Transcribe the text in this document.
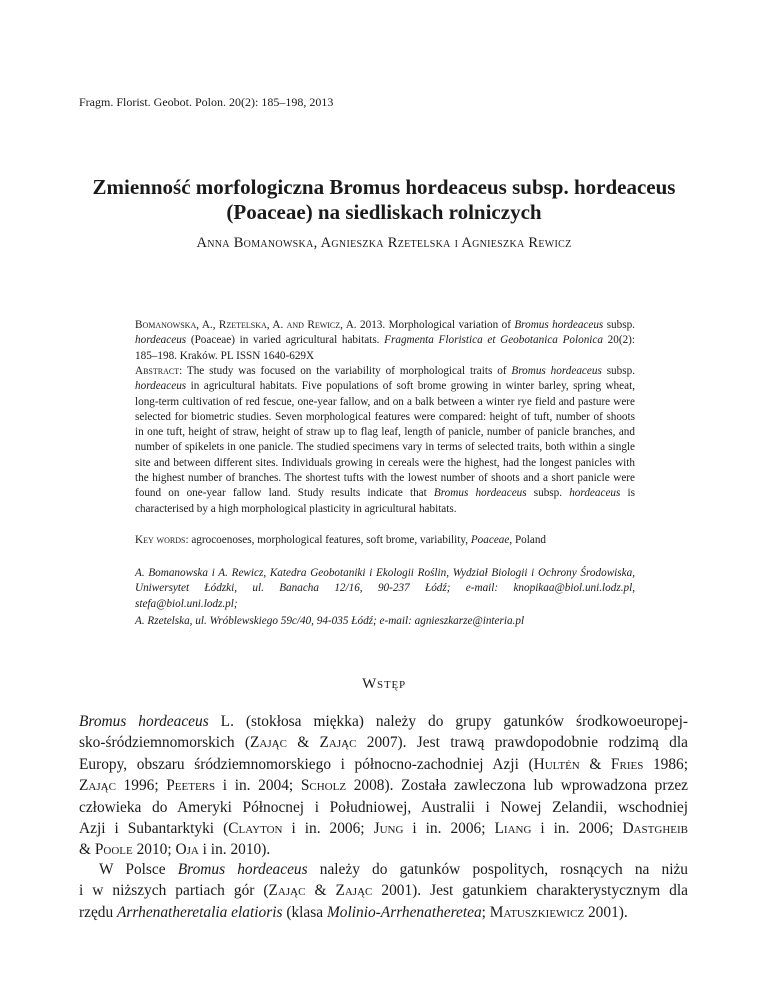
Fragm. Florist. Geobot. Polon. 20(2): 185–198, 2013
Zmienność morfologiczna Bromus hordeaceus subsp. hordeaceus
(Poaceae) na siedliskach rolniczych
Anna Bomanowska, Agnieszka Rzetelska i Agnieszka Rewicz
Bomanowska, A., Rzetelska, A. and Rewicz, A. 2013. Morphological variation of Bromus hordeaceus subsp. hordeaceus (Poaceae) in varied agricultural habitats. Fragmenta Floristica et Geobotanica Polonica 20(2): 185–198. Kraków. PL ISSN 1640-629X
Abstract: The study was focused on the variability of morphological traits of Bromus hordeaceus subsp. hordeaceus in agricultural habitats. Five populations of soft brome growing in winter barley, spring wheat, long-term cultivation of red fescue, one-year fallow, and on a balk between a winter rye field and pasture were selected for biometric studies. Seven morphological features were compared: height of tuft, number of shoots in one tuft, height of straw, height of straw up to flag leaf, length of panicle, number of panicle branches, and number of spikelets in one panicle. The studied specimens vary in terms of selected traits, both within a single site and between different sites. Individuals growing in cereals were the highest, had the longest panicles with the highest number of branches. The shortest tufts with the lowest number of shoots and a short panicle were found on one-year fallow land. Study results indicate that Bromus hordeaceus subsp. hordeaceus is characterised by a high morphological plasticity in agricultural habitats.
Key words: agrocoenoses, morphological features, soft brome, variability, Poaceae, Poland
A. Bomanowska i A. Rewicz, Katedra Geobotaniki i Ekologii Roślin, Wydział Biologii i Ochrony Środowiska, Uniwersytet Łódzki, ul. Banacha 12/16, 90-237 Łódź; e-mail: knopikaa@biol.uni.lodz.pl, stefa@biol.uni.lodz.pl;
A. Rzetelska, ul. Wróblewskiego 59c/40, 94-035 Łódź; e-mail: agnieszkarze@interia.pl
Wstęp
Bromus hordeaceus L. (stokłosa miękka) należy do grupy gatunków środkowoeuropej-
sko-śródziemnomorskich (Zając & Zając 2007). Jest trawą prawdopodobnie rodzimą dla
Europy, obszaru śródziemnomorskiego i północno-zachodniej Azji (Hultén & Fries 1986;
Zając 1996; Peeters i in. 2004; Scholz 2008). Została zawleczona lub wprowadzona przez
człowieka do Ameryki Północnej i Południowej, Australii i Nowej Zelandii, wschodniej
Azji i Subantarktyki (Clayton i in. 2006; Jung i in. 2006; Liang i in. 2006; Dastgheib
& Poole 2010; Oja i in. 2010).
W Polsce Bromus hordeaceus należy do gatunków pospolitych, rosnących na niżu
i w niższych partiach gór (Zając & Zając 2001). Jest gatunkiem charakterystycznym dla
rzędu Arrhenatheretalia elatioris (klasa Molinio-Arrhenatheretea; Matuszkiewicz 2001).
